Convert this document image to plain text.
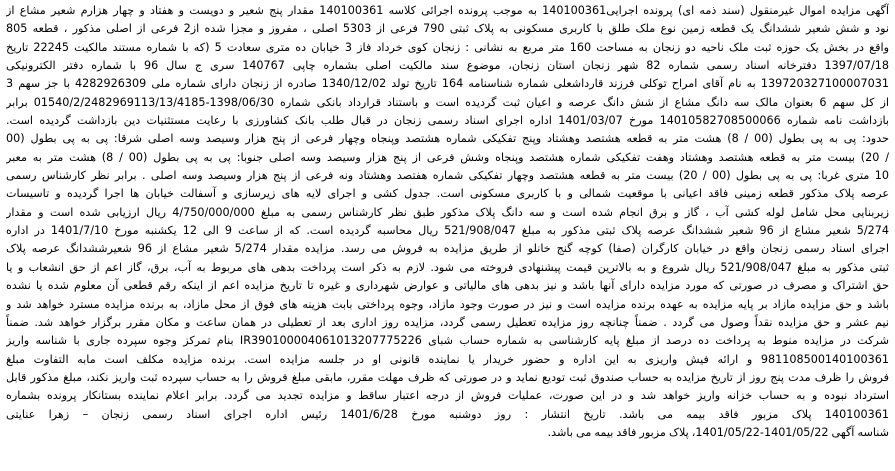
آگهی مزایده اموال غیرمنقول (سند ذمه ای) پرونده اجرایی140100361 به موجب پرونده اجرائی کلاسه 140100361 مقدار پنج شعیر و دویست و هفتاد و چهار هزارم شعیر مشاع از
نود و شش شعیر ششدانگ یک قطعه زمین نوع ملک طلق با کاربری مسکونی به پلاک ثبتی 790 فرعی از 5303 اصلی ، مفروز و مجزا شده از2 فرعی از اصلی مذکور ، قطعه 805
واقع در بخش یک حوزه ثبت ملک ناحیه دو زنجان به مساحت 160 متر مربع به نشانی : زنجان کوی خرداد فاز 3 خیابان ده متری سعادت 5 (که با شماره مستند مالکیت 22245 تاریخ
1397/07/18 دفترخانه اسناد رسمی شماره 82 شهر زنجان استان زنجان، موضوع سند مالکیت اصلی بشماره چاپی 140767 سری ج سال 96 با شماره دفتر الکترونیکی
139720327100007031 به نام آقای امراح توکلی فرزند قارداشعلی شماره شناسنامه 164 تاریخ تولد 1340/12/02 صادره از زنجان دارای شماره ملی 4282926309 با جز سهم 3
از کل سهم 6 بعنوان مالک سه دانگ مشاع از شش دانگ عرصه و اعیان ثبت گردیده است و باستناد قرارداد بانکی شماره 1398/06/30-01540/2/2482969113/13/4185 برابر
بازداشت نامه شماره 14010582708500066 مورخ 1401/03/07 اداره اجرای اسناد رسمی زنجان در قبال طلب بانک کشاورزی با رعایت مستثنیات دین بازداشت گردیده است.
حدود: پی به پی بطول (00 / 8) هشت متر به قطعه هشتصد وهشتاد وپنج تفکیکی شماره هشتصد وپنجاه وچهار فرعی از پنج هزار وسیصد وسه اصلی شرقا: پی به پی بطول (00
/ 20) بیست متر به قطعه هشتصد وهشتاد وهفت تفکیکی شماره هشتصد وپنجاه وشش فرعی از پنج هزار وسیصد وسه اصلی جنوبا: پی به پی بطول (00 / 8) هشت متر به معبر
10 متری غربا: پی به پی بطول (00 / 20) بیست متر به قطعه هشتصد وچهار تفکیکی شماره هفتصد وهشتاد ونه فرعی از پنج هزار وسیصد وسه اصلی . برابر نظر کارشناس رسمی
عرصه پلاک مذکور قطعه زمینی فاقد اعیانی با موقعیت شمالی و با کاربری مسکونی است. جدول کشی و اجرای لایه های زیرسازی و آسفالت خیابان ها اجرا گردیده و تاسیسات
زیربنایی محل شامل لوله کشی آب ، گاز و برق انجام شده است و سه دانگ پلاک مذکور طبق نظر کارشناس رسمی به مبلغ 4/750/000/000 ریال ارزیابی شده است و مقدار
5/274 شعیر مشاع از 96 شعیر ششدانگ عرصه پلاک ثبتی مذکور به مبلغ 521/908/047 ریال محاسبه گردیده است. که از ساعت 9 الی 12 یکشنبه مورخ 1401/7/10 در اداره
اجرای اسناد رسمی زنجان واقع در خیابان کارگران (صفا) کوچه گنج خانلو از طریق مزایده به فروش می رسد. مزایده مقدار 5/274 شعیر مشاع از 96 شعیرششدانگ عرصه پلاک
ثبتی مذکور به مبلغ 521/908/047 ریال شروع و به بالاترین قیمت پیشنهادی فروخته می شود. لازم به ذکر است پرداخت بدهی های مربوط به آب، برق، گاز اعم از حق انشعاب و یا
حق اشتراک و مصرف در صورتی که مورد مزایده دارای آنها باشد و نیز بدهی های مالیاتی و عوارض شهرداری و غیره تا تاریخ مزایده اعم از اینکه رقم قطعی آن معلوم شده یا نشده
باشد و حق مزایده مازاد بر پایه مزایده به عهده برنده مزایده است و نیز در صورت وجود مازاد، وجوه پرداختی بابت هزینه های فوق از محل مازاد، به برنده مزایده مسترد خواهد شد و
نیم عشر و حق مزایده نقداً وصول می گردد . ضمناً چنانچه روز مزایده تعطیل رسمی گردد، مزایده روز اداری بعد از تعطیلی در همان ساعت و مکان مقرر برگزار خواهد شد. ضمناً
شرکت در مزایده منوط به پرداخت ده درصد از مبلغ پایه کارشناسی به شماره حساب شبای IR390100004061013207775226 بنام تمرکز وجوه سپرده جاری با شناسه واریز
981108500140100361 و ارائه فیش واریزی به این اداره و حضور خریدار یا نماینده قانونی او در جلسه مزایده است. برنده مزایده مکلف است مابه التفاوت مبلغ
فروش را ظرف مدت پنج روز از تاریخ مزایده به حساب صندوق ثبت تودیع نماید و در صورتی که ظرف مهلت مقرر، مابقی مبلغ فروش را به حساب سپرده ثبت واریز نکند، مبلغ مذکور قابل
استرداد نبوده و به حساب خزانه واریز خواهد شد و در این صورت، عملیات فروش از درجه اعتبار ساقط و مزایده تجدید می گردد. برابر اعلام نماینده بستانکار پرونده بشماره
140100361 پلاک مزبور فاقد بیمه می باشد. تاریخ انتشار : روز دوشنبه مورخ 1401/6/28 رئیس اداره اجرای اسناد رسمی زنجان – زهرا عنایتی
شناسه آگهی 1401/05/22-1401/05/22، پلاک مزبور فاقد بیمه می باشد.
